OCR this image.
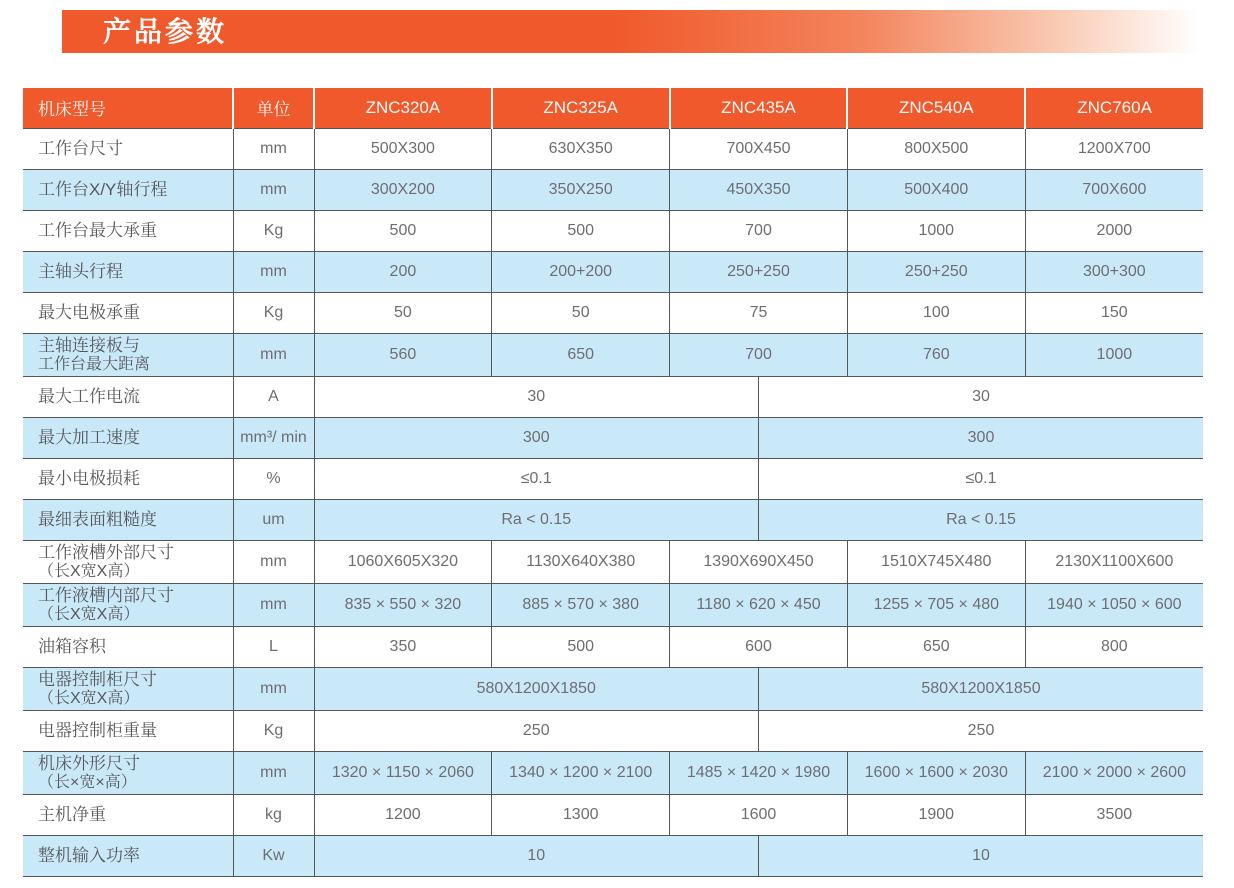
产品参数
机床型号	单位	ZNC320A	ZNC325A	ZNC435A		ZNC540A	ZNC760A

工作台尺寸	mm	500X300	630X350	700X450		800X500	1200X700

工作台X/Y轴行程	mm	300X200	350X250	450X350		500X400	700X600

工作台最大承重	Kg	500	500	700		1000	2000

主轴头行程	mm	200	200+200	250+250		250+250	300+300

最大电极承重	Kg	50	50	75		100	150

主轴连接板与
工作台最大距离	mm	560	650	700		760	1000

最大工作电流	A	30			30		

最大加工速度	mm³/ min	300			300		

最小电极损耗	%	≤0.1			≤0.1		

最细表面粗糙度	um	Ra < 0.15			Ra < 0.15		

工作液槽外部尺寸
（长X宽X高）	mm	1060X605X320	1130X640X380	1390X690X450		1510X745X480	2130X1100X600

工作液槽内部尺寸
（长X宽X高）	mm	835 × 550 × 320	885 × 570 × 380	1180 × 620 × 450		1255 × 705 × 480	1940 × 1050 × 600

油箱容积	L	350	500	600		650	800

电器控制柜尺寸
（长X宽X高）	mm	580X1200X1850			580X1200X1850		

电器控制柜重量	Kg	250			250		

机床外形尺寸
（长×宽×高）	mm	1320 × 1150 × 2060	1340 × 1200 × 2100	1485 × 1420 × 1980		1600 × 1600 × 2030	2100 × 2000 × 2600

主机净重	kg	1200	1300	1600		1900	3500

整机输入功率	Kw	10			10		
